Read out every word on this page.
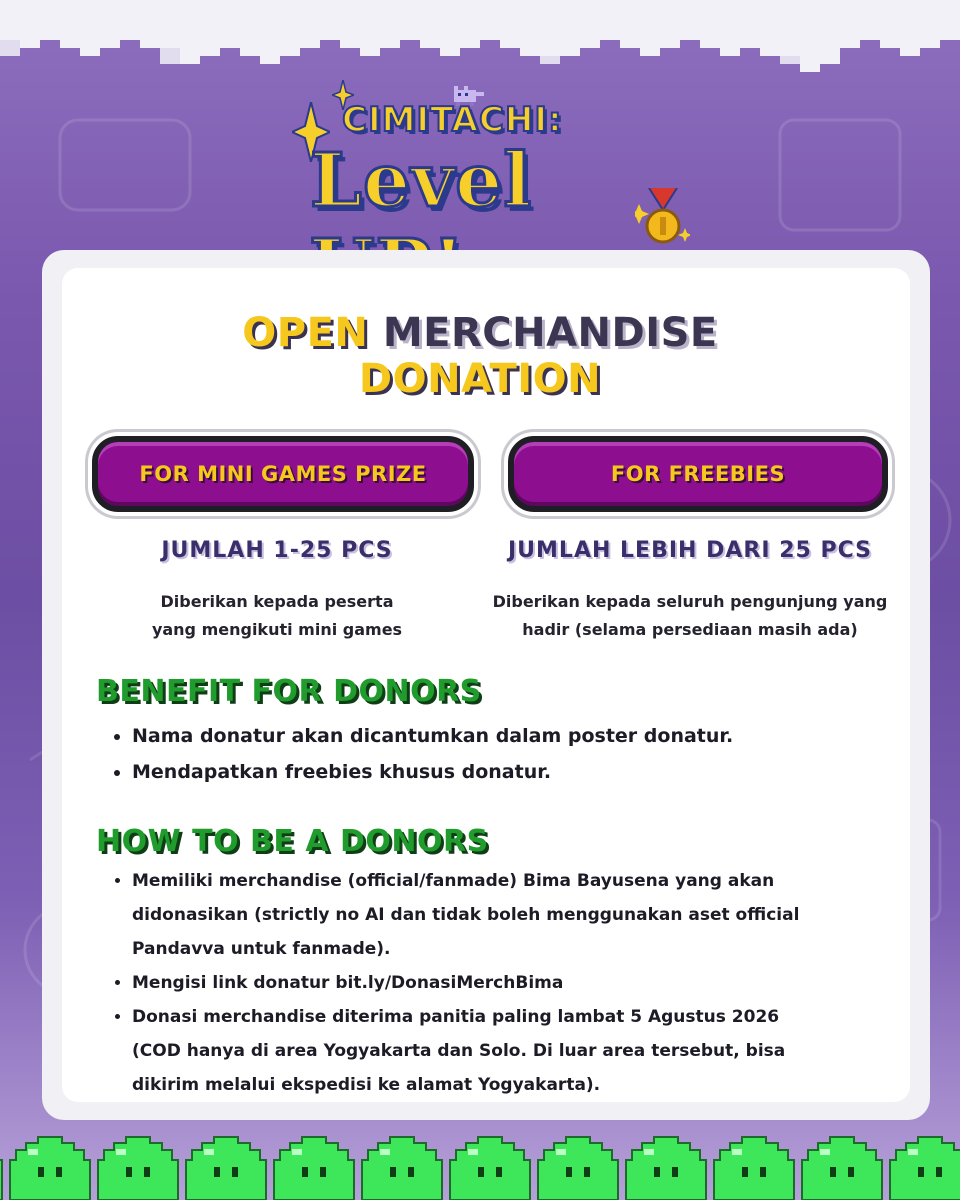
CIMITACHI:
Level
OPEN MERCHANDISE
DONATION
FOR MINI GAMES PRIZE	FOR FREEBIES
JUMLAH 1-25 PCS	JUMLAH LEBIH DARI 25 PCS
Diberikan kepada peserta
yang mengikuti mini games
Diberikan kepada seluruh pengunjung yang
hadir (selama persediaan masih ada)
BENEFIT FOR DONORS
• Nama donatur akan dicantumkan dalam poster donatur.
• Mendapatkan freebies khusus donatur.
HOW TO BE A DONORS
• Memiliki merchandise (official/fanmade) Bima Bayusena yang akan
didonasikan (strictly no AI dan tidak boleh menggunakan aset official
Pandavva untuk fanmade).
• Mengisi link donatur bit.ly/DonasiMerchBima
• Donasi merchandise diterima panitia paling lambat 5 Agustus 2026
(COD hanya di area Yogyakarta dan Solo. Di luar area tersebut, bisa
dikirim melalui ekspedisi ke alamat Yogyakarta).
